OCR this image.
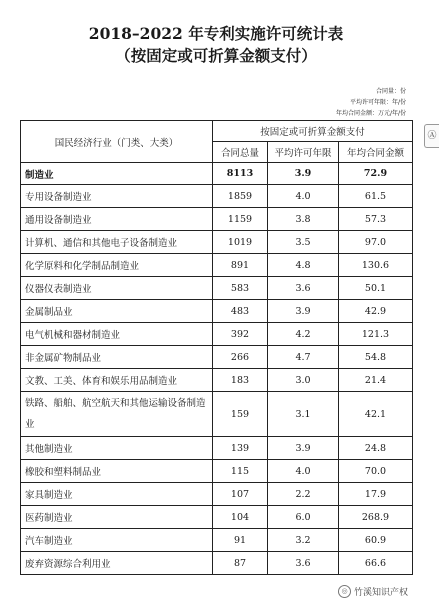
2018–2022 年专利实施许可统计表
（按固定或可折算金额支付）
合同量：份
平均许可年限：年/份
年均合同金额：万元/年/份
Ⓐ
国民经济行业（门类、大类）	按固定或可折算金额支付		
	合同总量	平均许可年限	年均合同金额
制造业	8113	3.9	72.9
专用设备制造业	1859	4.0	61.5
通用设备制造业	1159	3.8	57.3
计算机、通信和其他电子设备制造业	1019	3.5	97.0
化学原料和化学制品制造业	891	4.8	130.6
仪器仪表制造业	583	3.6	50.1
金属制品业	483	3.9	42.9
电气机械和器材制造业	392	4.2	121.3
非金属矿物制品业	266	4.7	54.8
文教、工美、体育和娱乐用品制造业	183	3.0	21.4
铁路、船舶、航空航天和其他运输设备制造业	159	3.1	42.1
其他制造业	139	3.9	24.8
橡胶和塑料制品业	115	4.0	70.0
家具制造业	107	2.2	17.9
医药制造业	104	6.0	268.9
汽车制造业	91	3.2	60.9
废弃资源综合利用业	87	3.6	66.6
◎ 竹溪知识产权
